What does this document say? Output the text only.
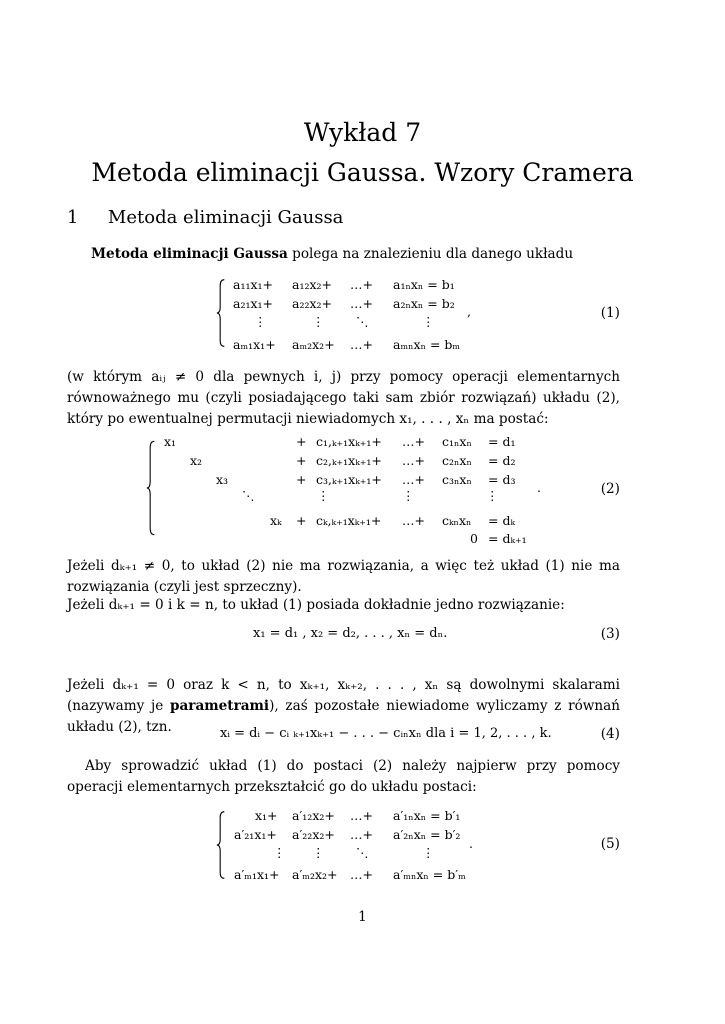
Wykład 7
Metoda eliminacji Gaussa. Wzory Cramera
1 Metoda eliminacji Gaussa
Metoda eliminacji Gaussa polega na znalezieniu dla danego układu
a₁₁x₁+ a₁₂x₂+ …+ a₁ₙxₙ = b₁
a₂₁x₁+ a₂₂x₂+ …+ a₂ₙxₙ = b₂
⋮	⋮	⋱	⋮
aₘ₁x₁+ aₘ₂x₂+ …+ aₘₙxₙ = bₘ
,	(1)
(w którym aᵢⱼ ≠ 0 dla pewnych i, j) przy pomocy operacji elementarnych równoważnego mu (czyli posiadającego taki sam zbiór rozwiązań) układu (2), który po ewentualnej permutacji niewiadomych x₁, . . . , xₙ ma postać:
x₁	+ c₁,ₖ₊₁xₖ₊₁+ …+ c₁ₙxₙ = d₁
x₂	+ c₂,ₖ₊₁xₖ₊₁+ …+ c₂ₙxₙ = d₂
x₃	+ c₃,ₖ₊₁xₖ₊₁+ …+ c₃ₙxₙ = d₃
⋱	⋮	⋮	⋮
xₖ + cₖ,ₖ₊₁xₖ₊₁+ …+ cₖₙxₙ = dₖ
0 = dₖ₊₁
.	(2)
Jeżeli dₖ₊₁ ≠ 0, to układ (2) nie ma rozwiązania, a więc też układ (1) nie ma rozwiązania (czyli jest sprzeczny).
Jeżeli dₖ₊₁ = 0 i k = n, to układ (1) posiada dokładnie jedno rozwiązanie:
x₁ = d₁ , x₂ = d₂, . . . , xₙ = dₙ.	(3)
Jeżeli dₖ₊₁ = 0 oraz k < n, to xₖ₊₁, xₖ₊₂, . . . , xₙ są dowolnymi skalarami (nazywamy je parametrami), zaś pozostałe niewiadome wyliczamy z równań układu (2), tzn.	xᵢ = dᵢ − cᵢ ₖ₊₁xₖ₊₁ − . . . − cᵢₙxₙ dla i = 1, 2, . . . , k.	(4)
Aby sprowadzić układ (1) do postaci (2) należy najpierw przy pomocy operacji elementarnych przekształcić go do układu postaci:
x₁+ a′₁₂x₂+ …+ a′₁ₙxₙ = b′₁
a′₂₁x₁+ a′₂₂x₂+ …+ a′₂ₙxₙ = b′₂
⋮ ⋮	⋱	⋮
a′ₘ₁x₁+ a′ₘ₂x₂+ …+ a′ₘₙxₙ = b′ₘ
.	(5)
1
